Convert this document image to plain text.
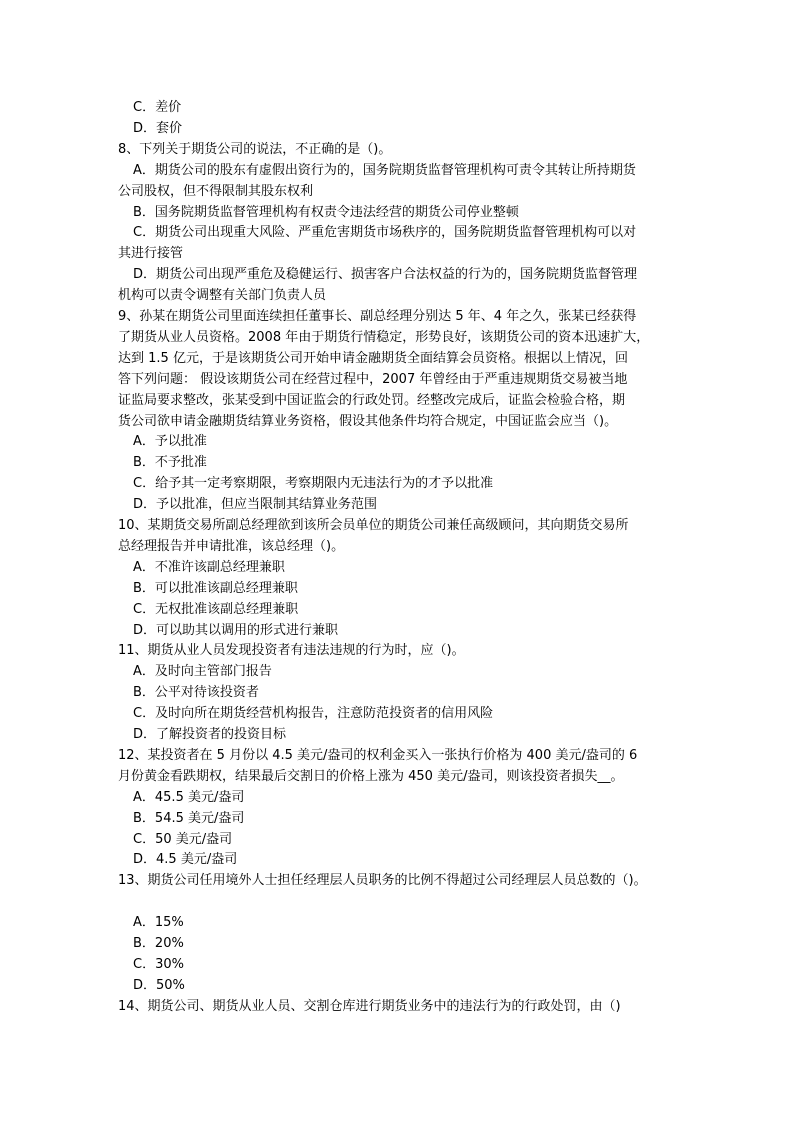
C．差价
D．套价
8、下列关于期货公司的说法，不正确的是（)。
A．期货公司的股东有虚假出资行为的，国务院期货监督管理机构可责令其转让所持期货
公司股权，但不得限制其股东权利
B．国务院期货监督管理机构有权责令违法经营的期货公司停业整顿
C．期货公司出现重大风险、严重危害期货市场秩序的，国务院期货监督管理机构可以对
其进行接管
D．期货公司出现严重危及稳健运行、损害客户合法权益的行为的，国务院期货监督管理
机构可以责令调整有关部门负责人员
9、孙某在期货公司里面连续担任董事长、副总经理分别达 5 年、4 年之久，张某已经获得
了期货从业人员资格。2008 年由于期货行情稳定，形势良好，该期货公司的资本迅速扩大，
达到 1.5 亿元，于是该期货公司开始申请金融期货全面结算会员资格。根据以上情况，回
答下列问题： 假设该期货公司在经营过程中，2007 年曾经由于严重违规期货交易被当地
证监局要求整改，张某受到中国证监会的行政处罚。经整改完成后，证监会检验合格，期
货公司欲申请金融期货结算业务资格，假设其他条件均符合规定，中国证监会应当（)。
A．予以批准
B．不予批准
C．给予其一定考察期限，考察期限内无违法行为的才予以批准
D．予以批准，但应当限制其结算业务范围
10、某期货交易所副总经理欲到该所会员单位的期货公司兼任高级顾问，其向期货交易所
总经理报告并申请批准，该总经理（)。
A．不准许该副总经理兼职
B．可以批准该副总经理兼职
C．无权批准该副总经理兼职
D．可以助其以调用的形式进行兼职
11、期货从业人员发现投资者有违法违规的行为时，应（)。
A．及时向主管部门报告
B．公平对待该投资者
C．及时向所在期货经营机构报告，注意防范投资者的信用风险
D．了解投资者的投资目标
12、某投资者在 5 月份以 4.5 美元/盎司的权利金买入一张执行价格为 400 美元/盎司的 6
月份黄金看跌期权，结果最后交割日的价格上涨为 450 美元/盎司，则该投资者损失__。
A．45.5 美元/盎司
B．54.5 美元/盎司
C．50 美元/盎司
D．4.5 美元/盎司
13、期货公司任用境外人士担任经理层人员职务的比例不得超过公司经理层人员总数的（)。
A．15%
B．20%
C．30%
D．50%
14、期货公司、期货从业人员、交割仓库进行期货业务中的违法行为的行政处罚，由（)
